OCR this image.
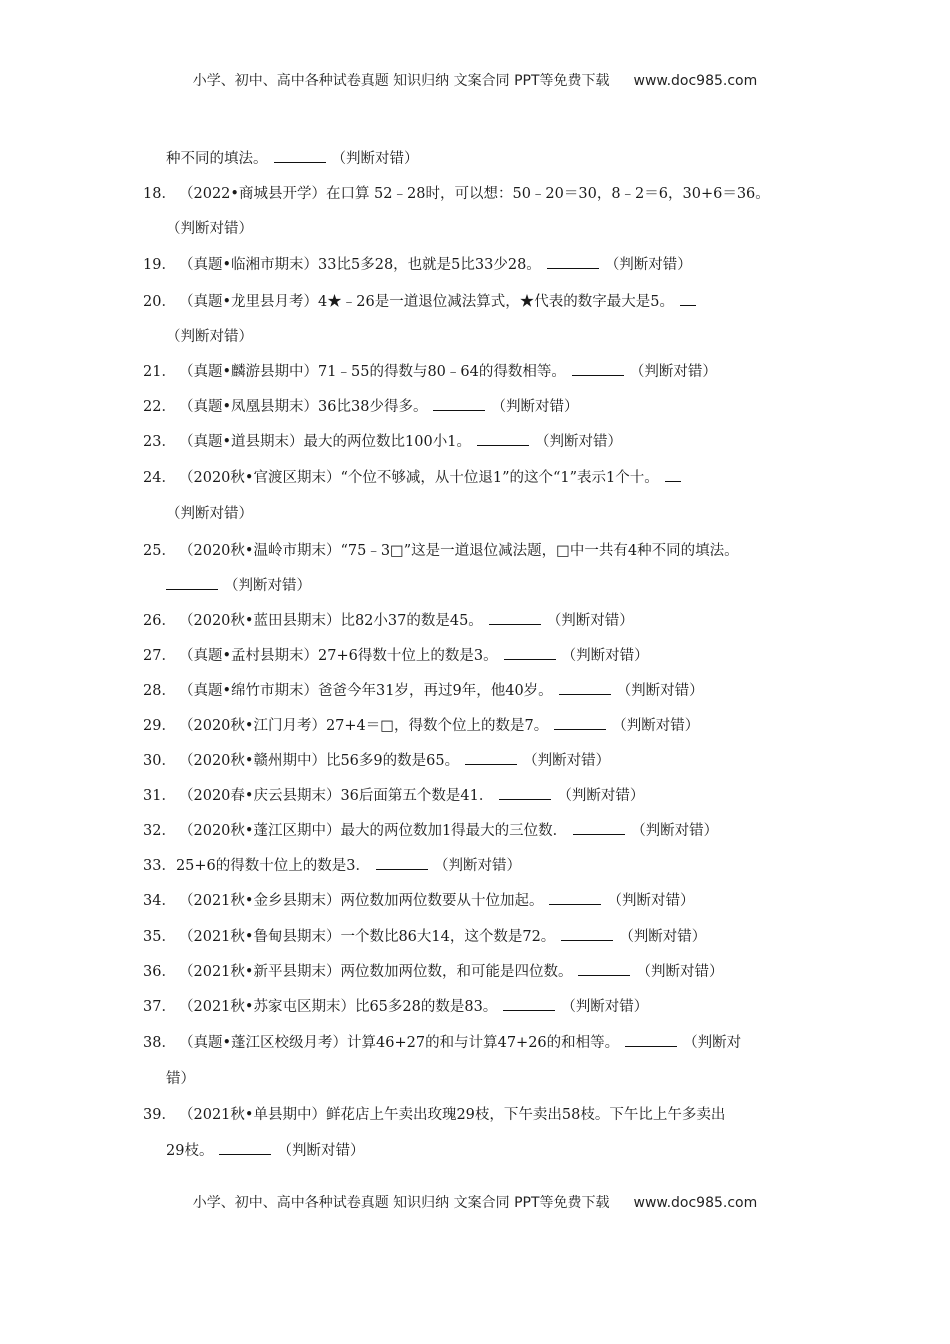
小学、初中、高中各种试卷真题 知识归纳 文案合同 PPT等免费下载 www.doc985.com
种不同的填法。	（判断对错）
18． （2022•商城县开学）在口算 52﹣28时，可以想：50﹣20＝30，8﹣2＝6，30+6＝36。
（判断对错）
19． （真题•临湘市期末）33比5多28，也就是5比33少28。	（判断对错）
20． （真题•龙里县月考）4★﹣26是一道退位减法算式，★代表的数字最大是5。
（判断对错）
21． （真题•麟游县期中）71﹣55的得数与80﹣64的得数相等。	（判断对错）
22． （真题•凤凰县期末）36比38少得多。	（判断对错）
23． （真题•道县期末）最大的两位数比100小1。	（判断对错）
24． （2020秋•官渡区期末）“个位不够减，从十位退1”的这个“1”表示1个十。
（判断对错）
25． （2020秋•温岭市期末）“75﹣3□”这是一道退位减法题，□中一共有4种不同的填法。
（判断对错）
26． （2020秋•蓝田县期末）比82小37的数是45。	（判断对错）
27． （真题•孟村县期末）27+6得数十位上的数是3。	（判断对错）
28． （真题•绵竹市期末）爸爸今年31岁，再过9年，他40岁。	（判断对错）
29． （2020秋•江门月考）27+4＝□，得数个位上的数是7。	（判断对错）
30． （2020秋•赣州期中）比56多9的数是65。	（判断对错）
31． （2020春•庆云县期末）36后面第五个数是41．	（判断对错）
32． （2020秋•蓬江区期中）最大的两位数加1得最大的三位数．	（判断对错）
33．25+6的得数十位上的数是3．	（判断对错）
34． （2021秋•金乡县期末）两位数加两位数要从十位加起。	（判断对错）
35． （2021秋•鲁甸县期末）一个数比86大14，这个数是72。	（判断对错）
36． （2021秋•新平县期末）两位数加两位数，和可能是四位数。	（判断对错）
37． （2021秋•苏家屯区期末）比65多28的数是83。	（判断对错）
38． （真题•蓬江区校级月考）计算46+27的和与计算47+26的和相等。	（判断对
错）
39． （2021秋•单县期中）鲜花店上午卖出玫瑰29枝，下午卖出58枝。下午比上午多卖出
29枝。	（判断对错）
小学、初中、高中各种试卷真题 知识归纳 文案合同 PPT等免费下载 www.doc985.com
